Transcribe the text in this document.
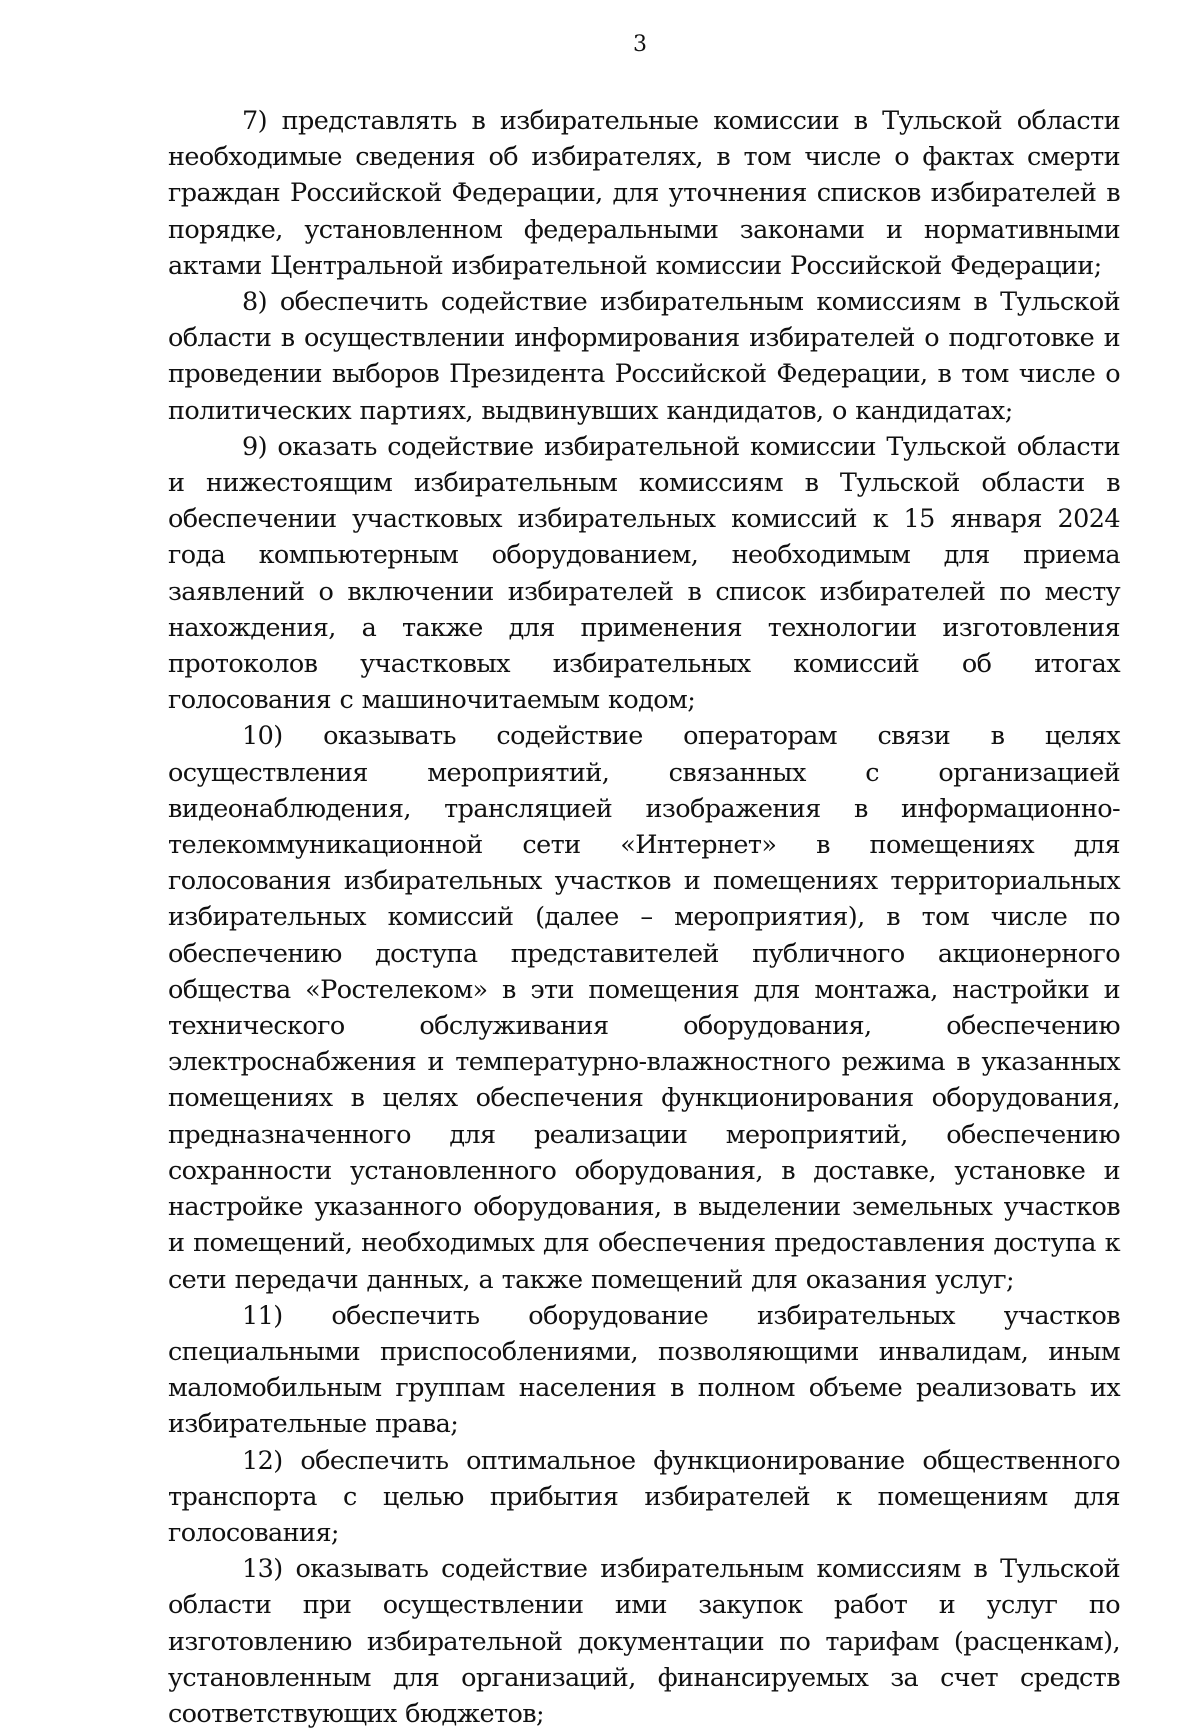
3

7) представлять в избирательные комиссии в Тульской области необходимые сведения об избирателях, в том числе о фактах смерти граждан Российской Федерации, для уточнения списков избирателей в порядке, установленном федеральными законами и нормативными актами Центральной избирательной комиссии Российской Федерации;

8) обеспечить содействие избирательным комиссиям в Тульской области в осуществлении информирования избирателей о подготовке и проведении выборов Президента Российской Федерации, в том числе о политических партиях, выдвинувших кандидатов, о кандидатах;

9) оказать содействие избирательной комиссии Тульской области и нижестоящим избирательным комиссиям в Тульской области в обеспечении участковых избирательных комиссий к 15 января 2024 года компьютерным оборудованием, необходимым для приема заявлений о включении избирателей в список избирателей по месту нахождения, а также для применения технологии изготовления протоколов участковых избирательных комиссий об итогах голосования с машиночитаемым кодом;

10) оказывать содействие операторам связи в целях осуществления мероприятий, связанных с организацией видеонаблюдения, трансляцией изображения в информационно-телекоммуникационной сети «Интернет» в помещениях для голосования избирательных участков и помещениях территориальных избирательных комиссий (далее – мероприятия), в том числе по обеспечению доступа представителей публичного акционерного общества «Ростелеком» в эти помещения для монтажа, настройки и технического обслуживания оборудования, обеспечению электроснабжения и температурно-влажностного режима в указанных помещениях в целях обеспечения функционирования оборудования, предназначенного для реализации мероприятий, обеспечению сохранности установленного оборудования, в доставке, установке и настройке указанного оборудования, в выделении земельных участков и помещений, необходимых для обеспечения предоставления доступа к сети передачи данных, а также помещений для оказания услуг;

11) обеспечить оборудование избирательных участков специальными приспособлениями, позволяющими инвалидам, иным маломобильным группам населения в полном объеме реализовать их избирательные права;

12) обеспечить оптимальное функционирование общественного транспорта с целью прибытия избирателей к помещениям для голосования;

13) оказывать содействие избирательным комиссиям в Тульской области при осуществлении ими закупок работ и услуг по изготовлению избирательной документации по тарифам (расценкам), установленным для организаций, финансируемых за счет средств соответствующих бюджетов;
